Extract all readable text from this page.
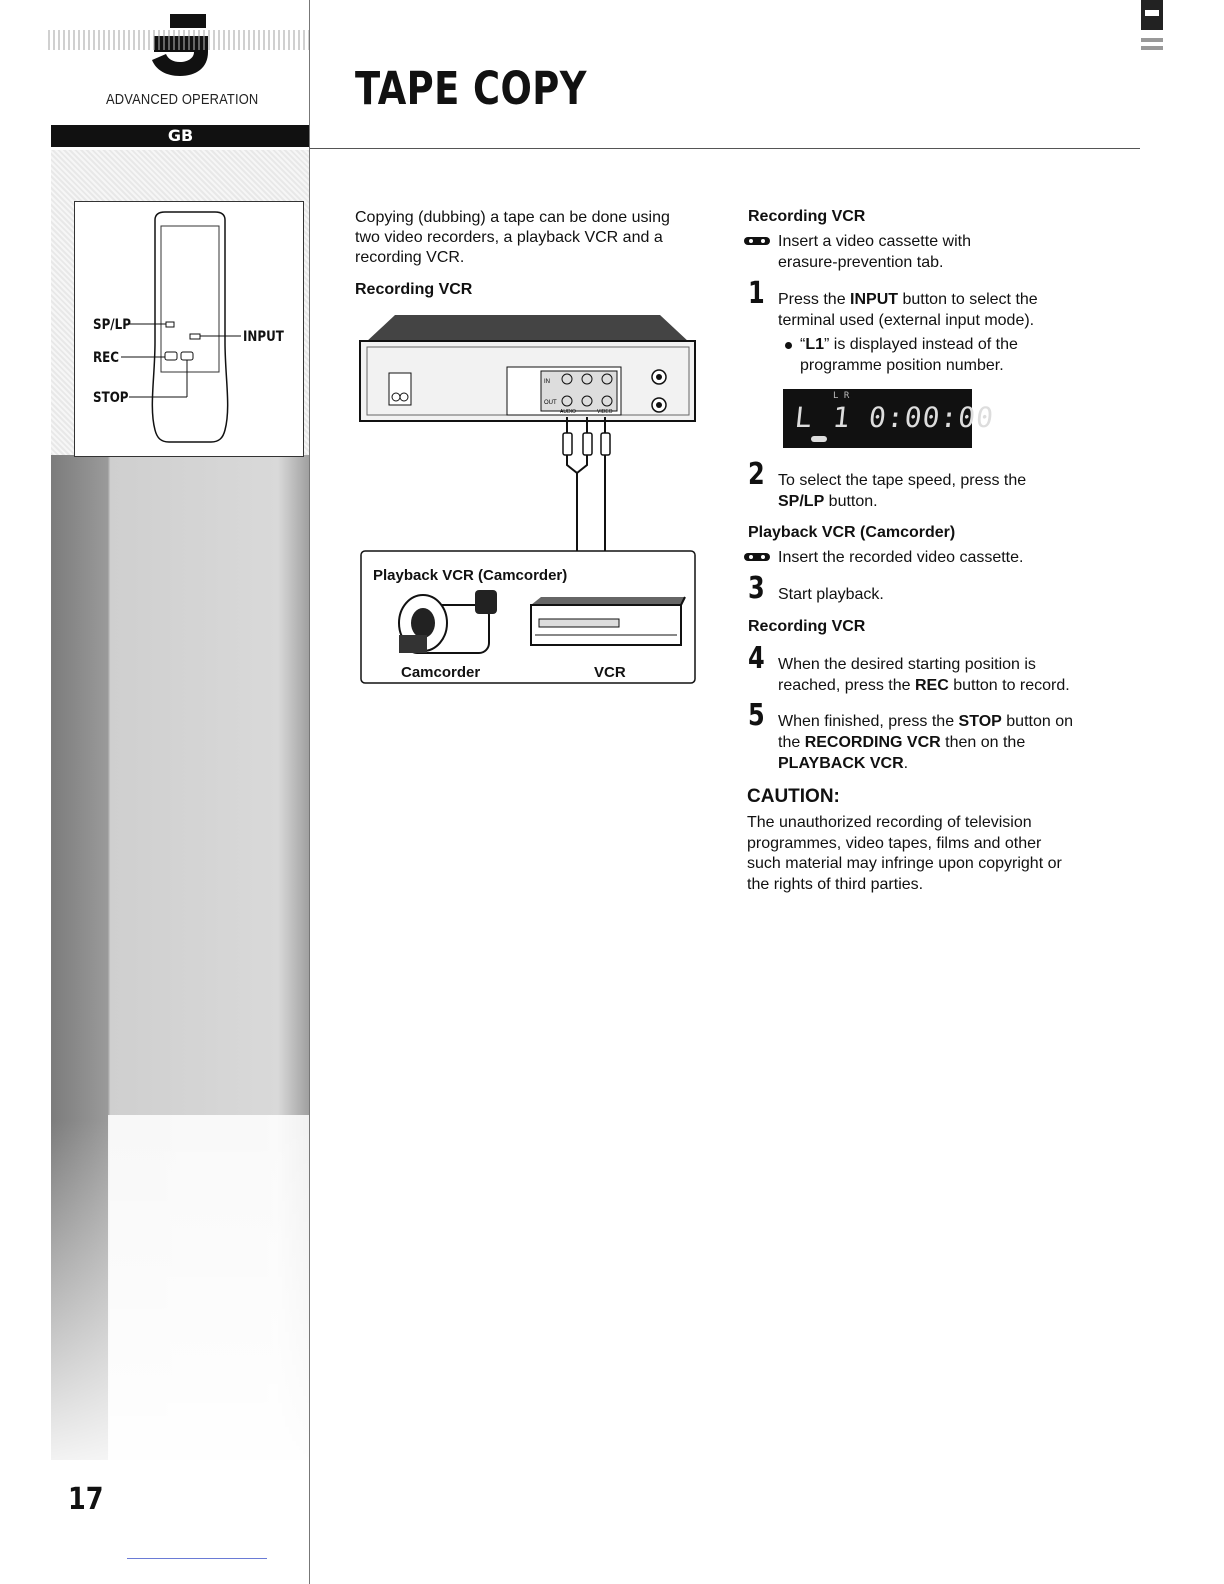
ADVANCED OPERATION
GB
TAPE COPY
SP/LP
INPUT
REC
STOP
17
Copying (dubbing) a tape can be done using
two video recorders, a playback VCR and a
recording VCR.
Recording VCR
IN
OUT
AUDIO	VIDEO
Playback VCR (Camcorder)
Camcorder	VCR
Recording VCR
Insert a video cassette with
erasure-prevention tab.
1 Press the INPUT button to select the
terminal used (external input mode).
“L1” is displayed instead of the
programme position number.
L R
L 1 0:00:00
2 To select the tape speed, press the
SP/LP button.
Playback VCR (Camcorder)
Insert the recorded video cassette.
3 Start playback.
Recording VCR
4 When the desired starting position is
reached, press the REC button to record.
5 When finished, press the STOP button on
the RECORDING VCR then on the
PLAYBACK VCR.
CAUTION:
The unauthorized recording of television
programmes, video tapes, films and other
such material may infringe upon copyright or
the rights of third parties.
